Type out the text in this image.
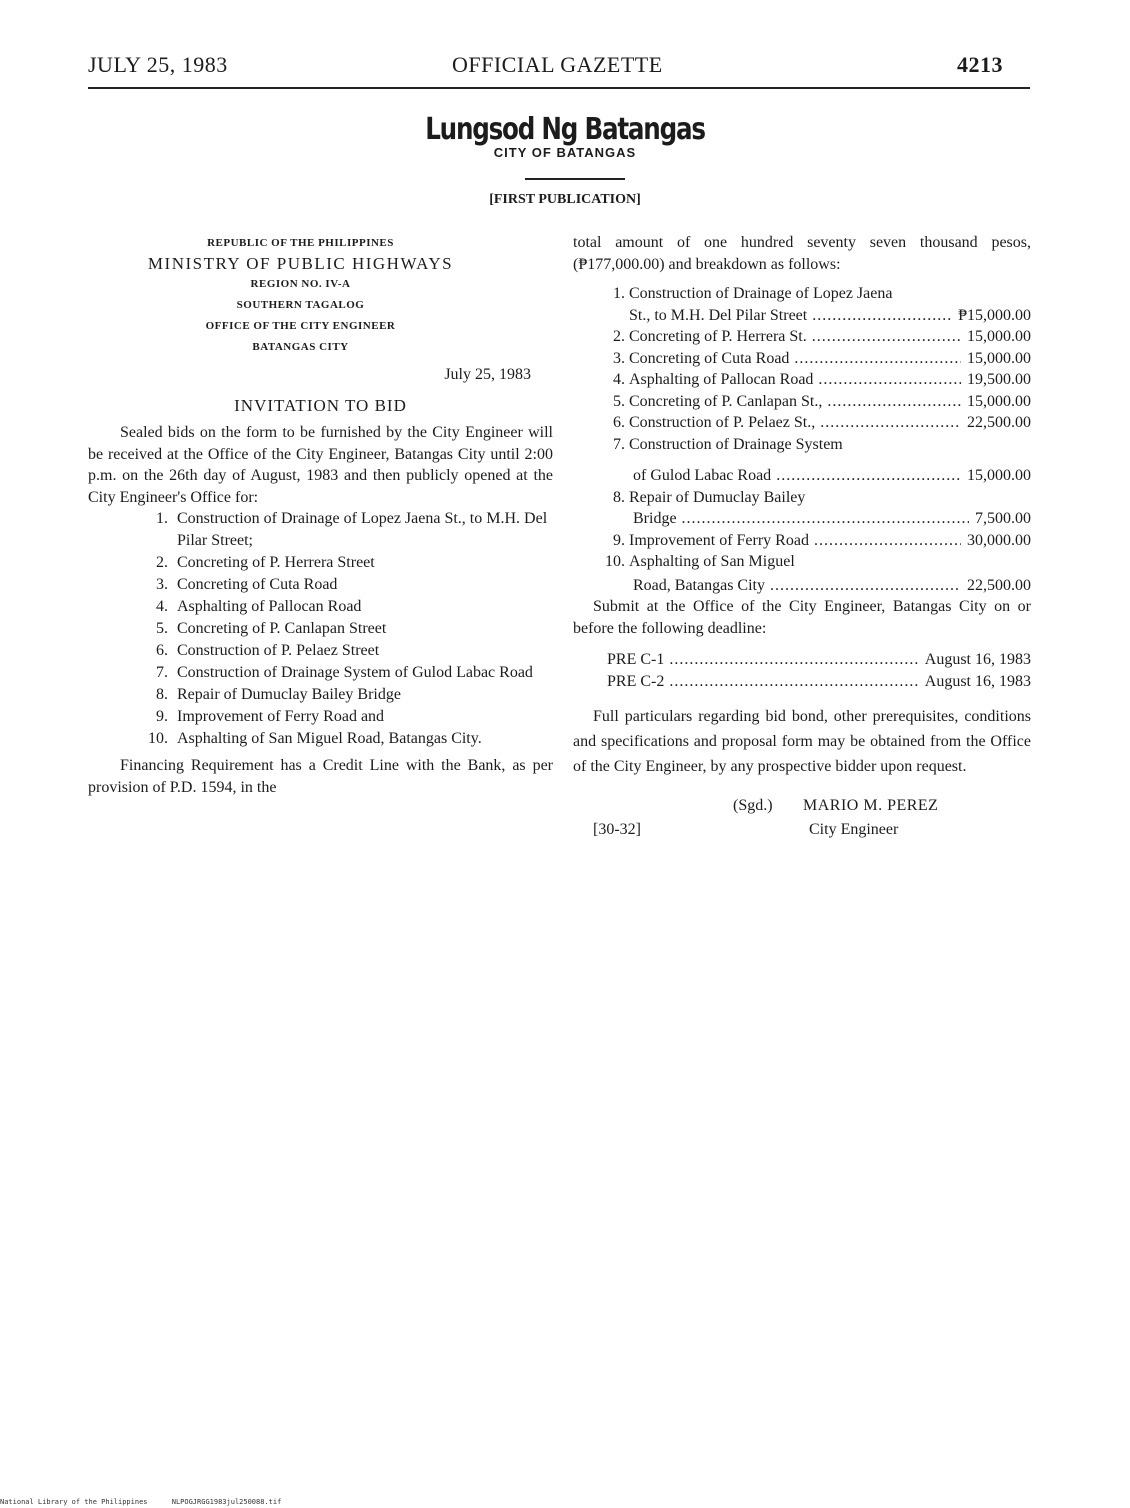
JULY 25, 1983	OFFICIAL GAZETTE	4213
Lungsod Ng Batangas
CITY OF BATANGAS
[FIRST PUBLICATION]
REPUBLIC OF THE PHILIPPINES
MINISTRY OF PUBLIC HIGHWAYS
REGION NO. IV-A
SOUTHERN TAGALOG
OFFICE OF THE CITY ENGINEER
BATANGAS CITY
July 25, 1983
INVITATION TO BID

Sealed bids on the form to be furnished by the City Engineer will be received at the Office of the City Engineer, Batangas City until 2:00 p.m. on the 26th day of August, 1983 and then publicly opened at the City Engineer's Office for:

1. Construction of Drainage of Lopez Jaena St., to M.H. Del Pilar Street;
2. Concreting of P. Herrera Street
3. Concreting of Cuta Road
4. Asphalting of Pallocan Road
5. Concreting of P. Canlapan Street
6. Construction of P. Pelaez Street
7. Construction of Drainage System of Gulod Labac Road
8. Repair of Dumuclay Bailey Bridge
9. Improvement of Ferry Road and
10. Asphalting of San Miguel Road, Batangas City.

Financing Requirement has a Credit Line with the Bank, as per provision of P.D. 1594, in the

total amount of one hundred seventy seven thousand pesos, (₱177,000.00) and breakdown as follows:

1. Construction of Drainage of Lopez Jaena
St., to M.H. Del Pilar Street .....	₱15,000.00
2. Concreting of P. Herrera St. .....	15,000.00
3. Concreting of Cuta Road .....	15,000.00
4. Asphalting of Pallocan Road .....	19,500.00
5. Concreting of P. Canlapan St., .....	15,000.00
6. Construction of P. Pelaez St., .....	22,500.00
7. Construction of Drainage System
of Gulod Labac Road .....	15,000.00
8. Repair of Dumuclay Bailey
Bridge .....	7,500.00
9. Improvement of Ferry Road .....	30,000.00
10. Asphalting of San Miguel
Road, Batangas City .....	22,500.00

Submit at the Office of the City Engineer, Batangas City on or before the following deadline:

PRE C-1 .....	August 16, 1983
PRE C-2 .....	August 16, 1983

Full particulars regarding bid bond, other prerequisites, conditions and specifications and proposal form may be obtained from the Office of the City Engineer, by any prospective bidder upon request.

(Sgd.) MARIO M. PEREZ
[30-32]	City Engineer
National Library of the Philippines	NLPOGJRGG1983jul250088.tif
